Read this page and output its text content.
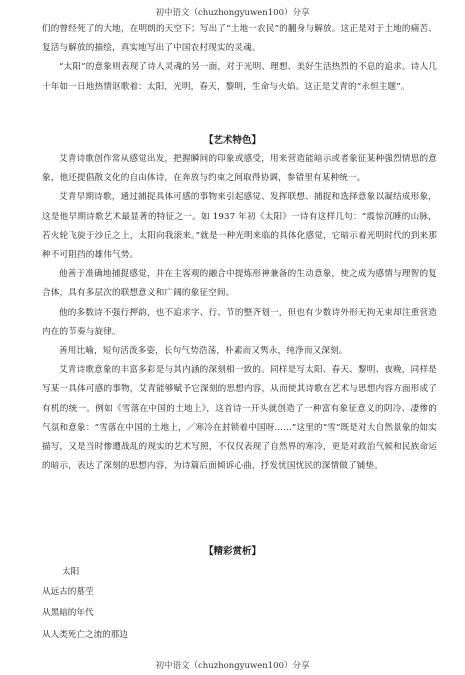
初中语文（chuzhongyuwen100）分享

们的曾经死了的大地，在明朗的天空下；写出了“土地一农民”的翻身与解放。这正是对于土地的痛苦、复活与解放的描绘，真实地写出了中国农村现实的灵魂。

“太阳”的意象则表现了诗人灵魂的另一面，对于光明、理想、美好生活热烈的不息的追求。诗人几十年如一日地热情讴歌着：太阳，光明，春天，黎明，生命与火焰。这正是艾青的“永恒主题”。

【艺术特色】

艾青诗歌创作常从感觉出发，把握瞬间的印象或感受，用来营造能暗示或者象征某种强烈情思的意象，他还提倡散文化的自由体诗，在奔放与约束之间取得协调，参错里有某种统一。

艾青早期诗歌，通过捕捉具体可感的事物来引起感觉、发挥联想、捕捉和选择意象以凝结成形象，这是他早期诗歌艺术最显著的特征之一。如 1937 年初《太阳》一诗有这样几句：“震惊沉睡的山脉，若火轮飞旋于沙丘之上，太阳向我滚来。”就是一种光明来临的具体化感觉，它暗示着光明时代的到来那种不可阻挡的雄伟气势。

他善于准确地捕捉感觉，并在主客观的融合中提炼形神兼备的生动意象，使之成为感情与理智的复合体，具有多层次的联想意义和广阔的象征空间。

他的多数诗不强行押韵，也不追求字、行、节的整齐划一，但也有少数诗外形无拘无束却注重营造内在的节奏与旋律。

善用比喻，短句活泼多姿，长句气势浩荡，朴素而又隽永，纯净而又深刻。

艾青诗歌意象的丰富多彩是与其内涵的深刻相一致的。同样是写太阳、春天、黎明、夜晚，同样是写某一具体可感的事物，艾青能够赋予它深刻的思想内容，从而使其诗歌在艺术与思想内容方面形成了有机的统一。例如《雪落在中国的土地上》，这首诗一开头就创造了一种富有象征意义的阴冷、凄惨的气氛和意象：“雪落在中国的土地上，／寒冷在封锁着中国呀……”这里的“雪”既是对大自然景象的如实描写，又是当时惨遭战乱的现实的艺术写照，不仅仅表现了自然界的寒冷，更是对政治气候和民族命运的暗示，表达了深刻的思想内容，为诗篇后面倾诉心曲，抒发忧国忧民的深情做了铺垫。

【精彩赏析】
太阳
从远古的墓茔
从黑暗的年代
从人类死亡之流的那边
初中语文（chuzhongyuwen100）分享
